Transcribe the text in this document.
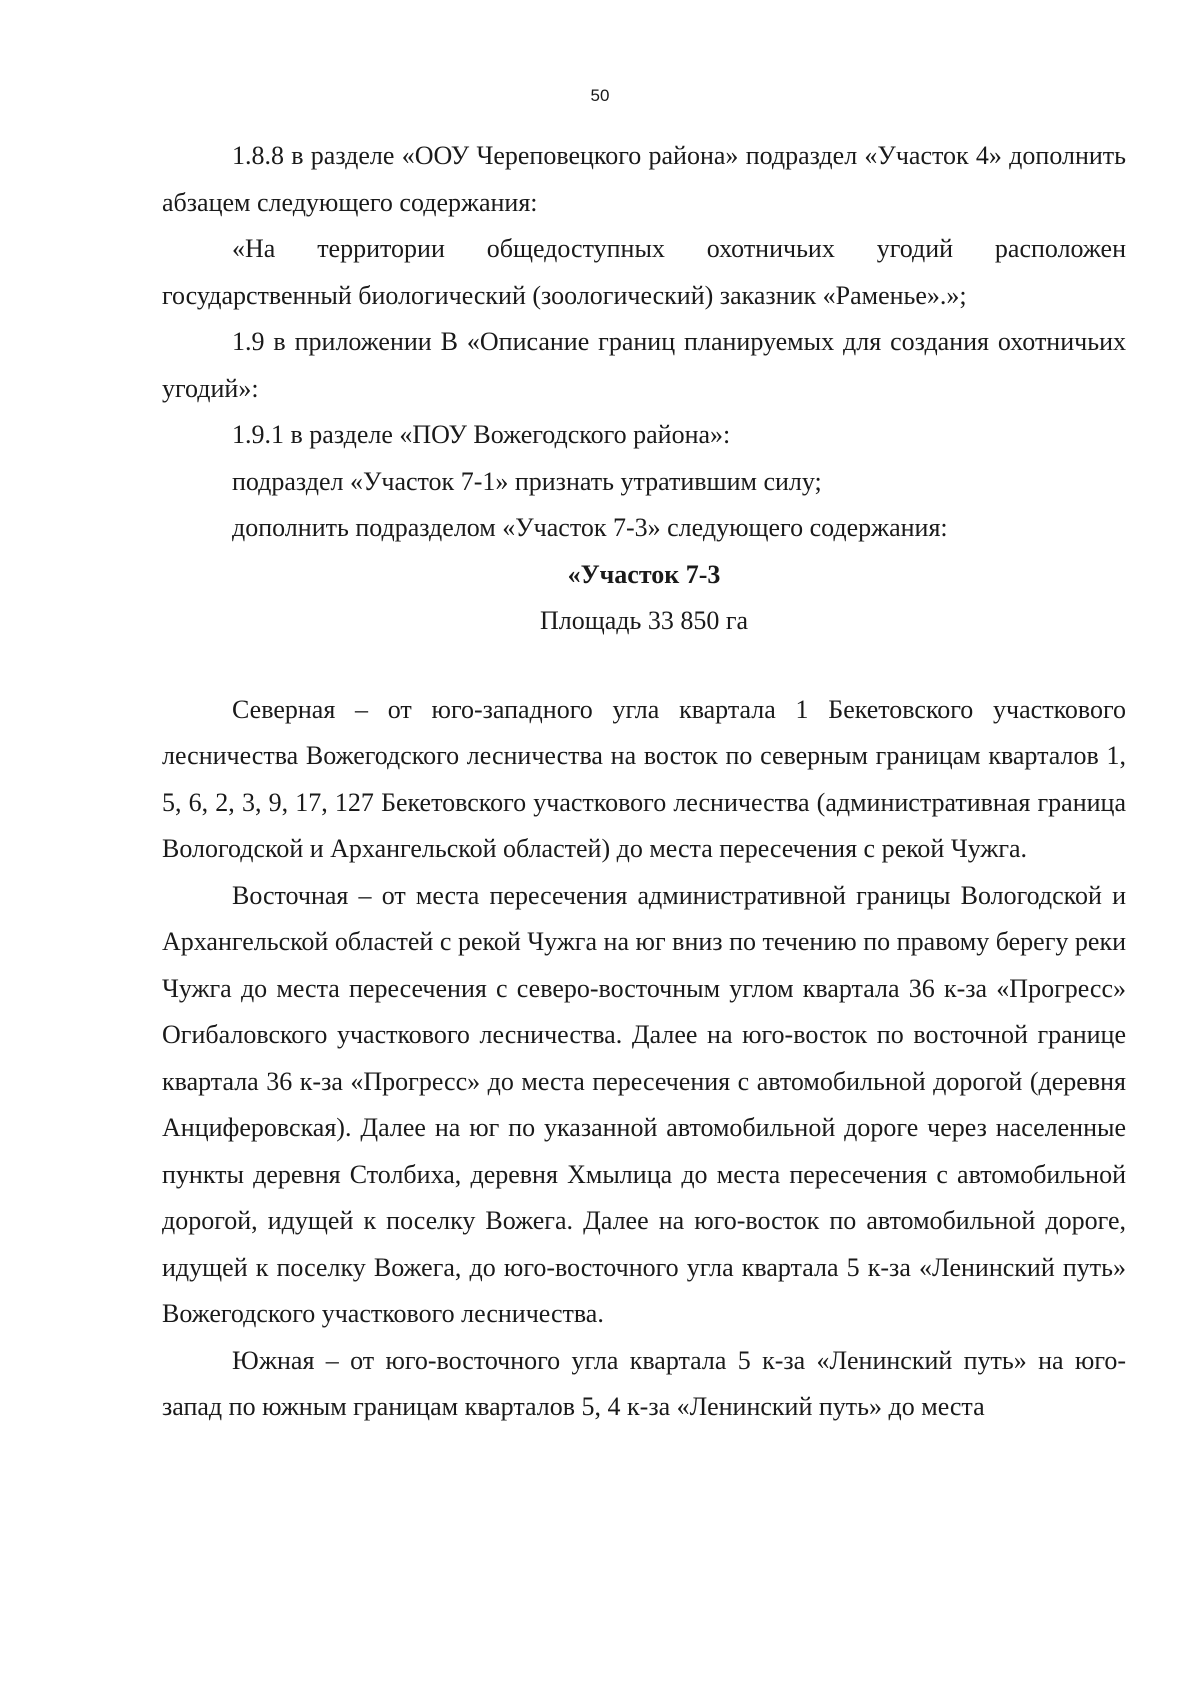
50

1.8.8 в разделе «ООУ Череповецкого района» подраздел «Участок 4» дополнить абзацем следующего содержания:

«На территории общедоступных охотничьих угодий расположен государственный биологический (зоологический) заказник «Раменье».»;

1.9 в приложении В «Описание границ планируемых для создания охотничьих угодий»:

1.9.1 в разделе «ПОУ Вожегодского района»:

подраздел «Участок 7-1» признать утратившим силу;

дополнить подразделом «Участок 7-3» следующего содержания:

«Участок 7-3

Площадь 33 850 га

Северная – от юго-западного угла квартала 1 Бекетовского участкового лесничества Вожегодского лесничества на восток по северным границам кварталов 1, 5, 6, 2, 3, 9, 17, 127 Бекетовского участкового лесничества (административная граница Вологодской и Архангельской областей) до места пересечения с рекой Чужга.

Восточная – от места пересечения административной границы Вологодской и Архангельской областей с рекой Чужга на юг вниз по течению по правому берегу реки Чужга до места пересечения с северо-восточным углом квартала 36 к-за «Прогресс» Огибаловского участкового лесничества. Далее на юго-восток по восточной границе квартала 36 к-за «Прогресс» до места пересечения с автомобильной дорогой (деревня Анциферовская). Далее на юг по указанной автомобильной дороге через населенные пункты деревня Столбиха, деревня Хмылица до места пересечения с автомобильной дорогой, идущей к поселку Вожега. Далее на юго-восток по автомобильной дороге, идущей к поселку Вожега, до юго-восточного угла квартала 5 к-за «Ленинский путь» Вожегодского участкового лесничества.

Южная – от юго-восточного угла квартала 5 к-за «Ленинский путь» на юго-запад по южным границам кварталов 5, 4 к-за «Ленинский путь» до места
